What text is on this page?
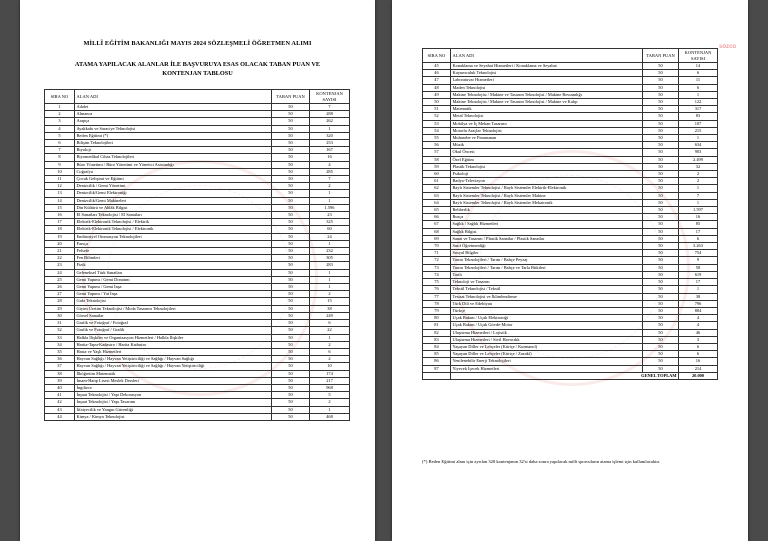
MİLLÎ EĞİTİM BAKANLIĞI MAYIS 2024 SÖZLEŞMELİ ÖĞRETMEN ALIMI
ATAMA YAPILACAK ALANLAR İLE BAŞVURUYA ESAS OLACAK TABAN PUAN VE
KONTENJAN TABLOSU
SIRA NO	ALAN ADI	TABAN PUAN	KONTENJAN SAYISI
1	Adalet	50	7
2	Almanca	50	288
3	Arapça	50	262
4	Ayakkabı ve Saraciye Teknolojisi	50	1
5	Beden Eğitimi (*)	50	320
6	Bilişim Teknolojileri	50	253
7	Biyoloji	50	167
8	Biyomedikal Cihaz Teknolojileri	50	16
9	Büro Yönetimi / Büro Yönetimi ve Yönetici Asistanlığı	50	4
10	Coğrafya	50	285
11	Çocuk Gelişimi ve Eğitimi	50	7
12	Denizcilik / Gemi Yönetimi	50	2
13	Denizcilik/Gemi Elektroniği	50	1
14	Denizcilik/Gemi Makineleri	50	1
15	Din Kültürü ve Ahlâk Bilgisi	50	1.596
16	El Sanatları Teknolojisi / El Sanatları	50	23
17	Elektrik-Elektronik Teknolojisi / Elektrik	50	325
18	Elektrik-Elektronik Teknolojisi / Elektronik	50	60
19	Endüstriyel Otomasyon Teknolojileri	50	24
20	Farsça	50	1
21	Felsefe	50	232
22	Fen Bilimleri	50	305
23	Fizik	50	283
24	Geleneksel Türk Sanatları	50	1
25	Gemi Yapımı / Gemi Donatım	50	1
26	Gemi Yapımı / Gemi İnşa	50	1
27	Gemi Yapımı / Yat İnşa	50	2
28	Gıda Teknolojisi	50	15
29	Giyim Üretim Teknolojisi / Moda Tasarımı Teknolojileri	50	38
30	Görsel Sanatlar	50	249
31	Grafik ve Fotoğraf / Fotoğraf	50	6
32	Grafik ve Fotoğraf / Grafik	50	22
33	Halkla İlişkiler ve Organizasyon Hizmetleri / Halkla İlişkiler	50	1
34	Harita-Tapu-Kadastro / Harita Kadastro	50	2
35	Hasta ve Yaşlı Hizmetleri	50	6
36	Hayvan Sağlığı / Hayvan Yetiştiriciliği ve Sağlığı / Hayvan Sağlığı	50	2
37	Hayvan Sağlığı / Hayvan Yetiştiriciliği ve Sağlığı / Hayvan Yetiştiriciliği	50	10
38	İlköğretim Matematik	50	174
39	İmam-Hatip Lisesi Meslek Dersleri	50	217
40	İngilizce	50	968
41	İnşaat Teknolojisi / Yapı Dekorasyon	50	5
42	İnşaat Teknolojisi / Yapı Tasarımı	50	2
43	İtfaiyecilik ve Yangın Güvenliği	50	1
44	Kimya / Kimya Teknolojisi	50	468
sözcü
SIRA NO	ALAN ADI	TABAN PUAN	KONTENJAN SAYISI
45	Konaklama ve Seyahat Hizmetleri / Konaklama ve Seyahat	50	14
46	Kuyumculuk Teknolojisi	50	6
47	Laboratuvar Hizmetleri	50	11
48	Maden Teknolojisi	50	6
49	Makine Teknolojisi / Makine ve Tasarım Teknolojisi / Makine Ressamlığı	50	1
50	Makine Teknolojisi / Makine ve Tasarım Teknolojisi / Makine ve Kalıp	50	122
51	Matematik	50	317
52	Metal Teknolojisi	50	83
53	Mobilya ve İç Mekan Tasarımı	50	107
54	Motorlu Araçlar Teknolojisi	50	215
55	Muhasebe ve Finansman	50	1
56	Müzik	50	634
57	Okul Öncesi	50	903
58	Özel Eğitim	50	2.499
59	Plastik Teknolojisi	50	32
60	Psikoloji	50	2
61	Radyo-Televizyon	50	2
62	Raylı Sistemler Teknolojisi / Raylı Sistemler Elektrik-Elektronik	50	1
63	Raylı Sistemler Teknolojisi / Raylı Sistemler Makine	50	7
64	Raylı Sistemler Teknolojisi / Raylı Sistemler Mekatronik	50	1
65	Rehberlik	50	1.597
66	Rusça	50	16
67	Sağlık / Sağlık Hizmetleri	50	85
68	Sağlık Bilgisi	50	17
69	Sanat ve Tasarım / Plastik Sanatlar / Plastik Sanatlar	50	6
70	Sınıf Öğretmenliği	50	3.263
71	Sosyal Bilgiler	50	754
72	Tarım Teknolojileri / Tarım / Bahçe Peyzaj	50	9
73	Tarım Teknolojileri / Tarım / Bahçe ve Tarla Bitkileri	50	58
74	Tarih	50	619
75	Teknoloji ve Tasarım	50	17
76	Tekstil Teknolojisi / Tekstil	50	1
77	Tesisat Teknolojisi ve İklimlendirme	50	38
78	Türk Dili ve Edebiyatı	50	796
79	Türkçe	50	804
80	Uçak Bakım / Uçak Elektroniği	50	4
81	Uçak Bakım / Uçak Gövde-Motor	50	4
82	Ulaştırma Hizmetleri / Lojistik	50	46
83	Ulaştırma Hizmetleri / Sivil Havacılık	50	3
84	Yaşayan Diller ve Lehçeler (Kürtçe / Kurmancî)	50	6
85	Yaşayan Diller ve Lehçeler (Kürtçe / Zazakî)	50	6
86	Yenilenebilir Enerji Teknolojileri	50	16
87	Yiyecek İçecek Hizmetleri	50	214
	GENEL TOPLAM		20.000
(*) Beden Eğitimi alanı için ayrılan 320 kontenjanın 32'si daha sonra yapılacak milli sporcuların atama işlemi için kullanılacaktır.
